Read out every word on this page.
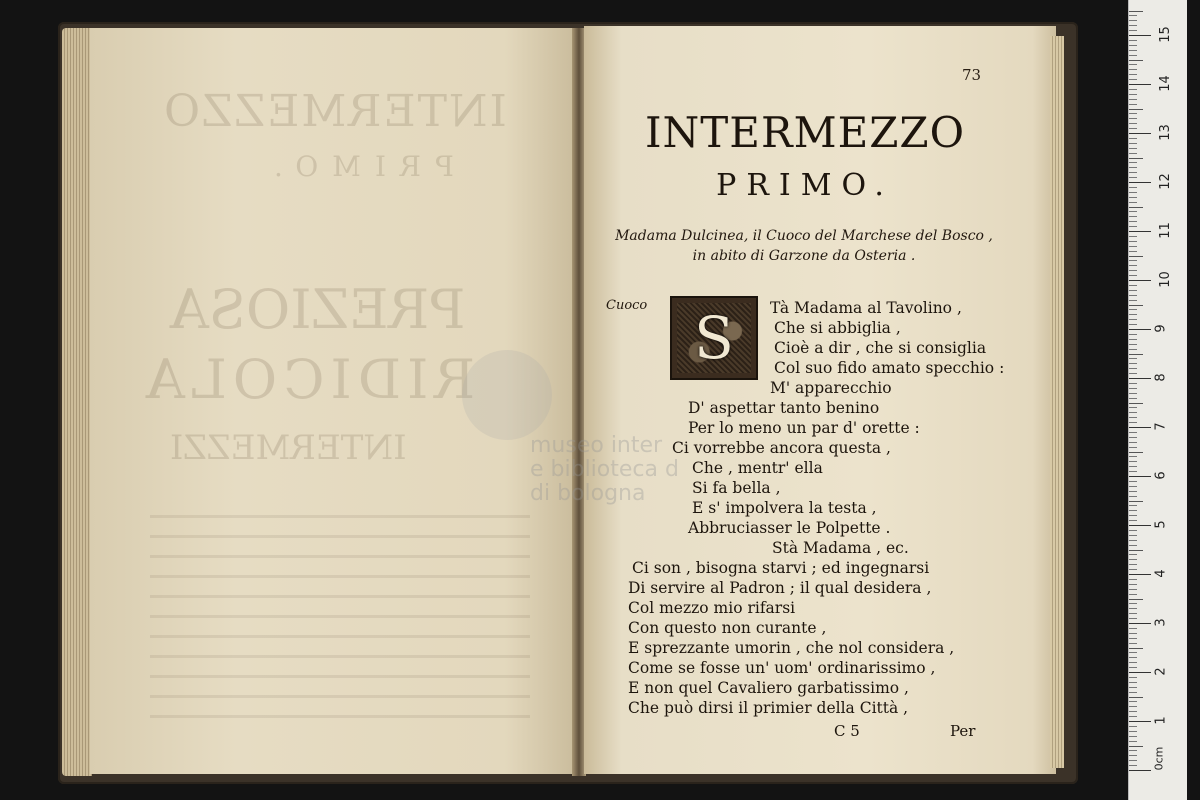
INTERMEZZO
PRIMO.
PREZIOSA
RIDICOLA
INTERMEZZI
73
INTERMEZZO
PRIMO.
Madama Dulcinea, il Cuoco del Marchese del Bosco ,
in abito di Garzone da Osteria .
Cuoco S Tà Madama al Tavolino ,
Che si abbiglia ,
Cioè a dir , che si consiglia
Col suo fido amato specchio :
M' apparecchio
D' aspettar tanto benino
Per lo meno un par d' orette :
Ci vorrebbe ancora questa ,
Che , mentr' ella
Si fa bella ,
E s' impolvera la testa ,
Abbruciasser le Polpette .
Stà Madama , ec.
Ci son , bisogna starvi ; ed ingegnarsi
Di servire al Padron ; il qual desidera ,
Col mezzo mio rifarsi
Con questo non curante ,
E sprezzante umorin , che nol considera ,
Come se fosse un' uom' ordinarissimo ,
E non quel Cavaliero garbatissimo ,
Che può dirsi il primier della Città ,
C 5	Per
museo inter
e biblioteca d
di bologna
0cm
1
2
3
4
5
6
7
8
9
10
11
12
13
14
15
